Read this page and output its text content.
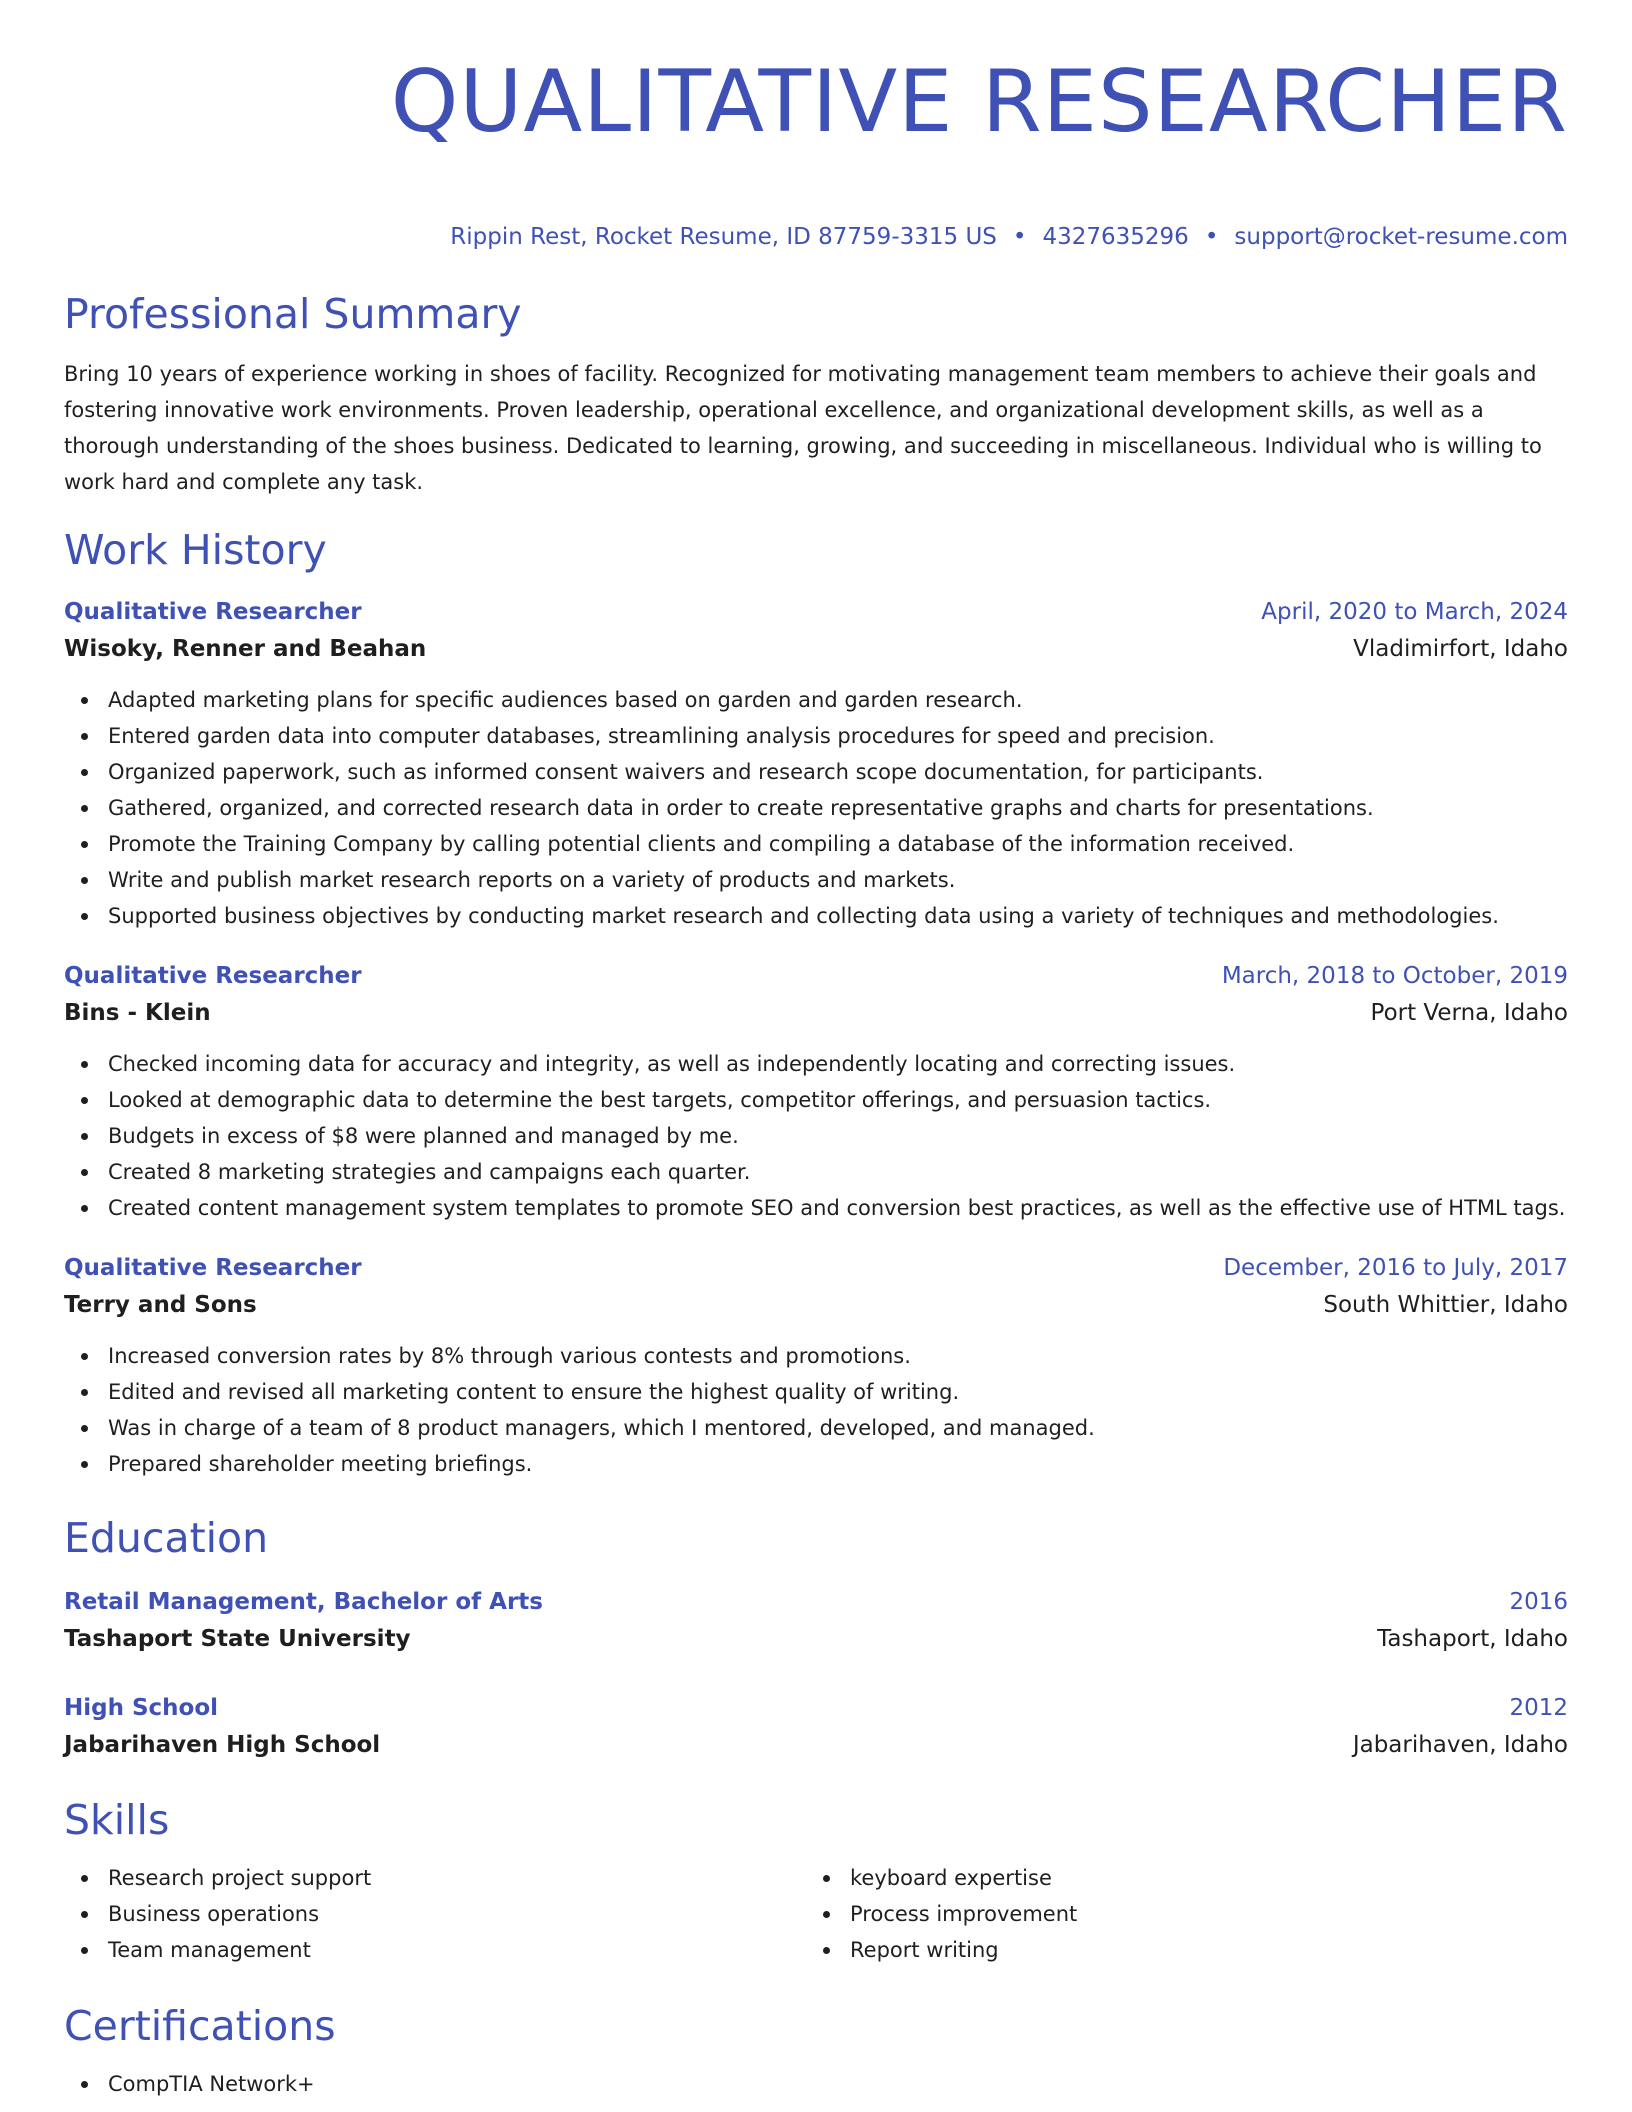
QUALITATIVE RESEARCHER
Rippin Rest, Rocket Resume, ID 87759-3315 US • 4327635296 • support@rocket-resume.com
Professional Summary
Bring 10 years of experience working in shoes of facility. Recognized for motivating management team members to achieve their goals and fostering innovative work environments. Proven leadership, operational excellence, and organizational development skills, as well as a thorough understanding of the shoes business. Dedicated to learning, growing, and succeeding in miscellaneous. Individual who is willing to work hard and complete any task.
Work History
Qualitative Researcher	April, 2020 to March, 2024
Wisoky, Renner and Beahan	Vladimirfort, Idaho
Adapted marketing plans for specific audiences based on garden and garden research.
Entered garden data into computer databases, streamlining analysis procedures for speed and precision.
Organized paperwork, such as informed consent waivers and research scope documentation, for participants.
Gathered, organized, and corrected research data in order to create representative graphs and charts for presentations.
Promote the Training Company by calling potential clients and compiling a database of the information received.
Write and publish market research reports on a variety of products and markets.
Supported business objectives by conducting market research and collecting data using a variety of techniques and methodologies.
Qualitative Researcher	March, 2018 to October, 2019
Bins - Klein	Port Verna, Idaho
Checked incoming data for accuracy and integrity, as well as independently locating and correcting issues.
Looked at demographic data to determine the best targets, competitor offerings, and persuasion tactics.
Budgets in excess of $8 were planned and managed by me.
Created 8 marketing strategies and campaigns each quarter.
Created content management system templates to promote SEO and conversion best practices, as well as the effective use of HTML tags.
Qualitative Researcher	December, 2016 to July, 2017
Terry and Sons	South Whittier, Idaho
Increased conversion rates by 8% through various contests and promotions.
Edited and revised all marketing content to ensure the highest quality of writing.
Was in charge of a team of 8 product managers, which I mentored, developed, and managed.
Prepared shareholder meeting briefings.
Education
Retail Management, Bachelor of Arts	2016
Tashaport State University	Tashaport, Idaho
High School	2012
Jabarihaven High School	Jabarihaven, Idaho
Skills
Research project support
Business operations
Team management
keyboard expertise
Process improvement
Report writing
Certifications
CompTIA Network+
